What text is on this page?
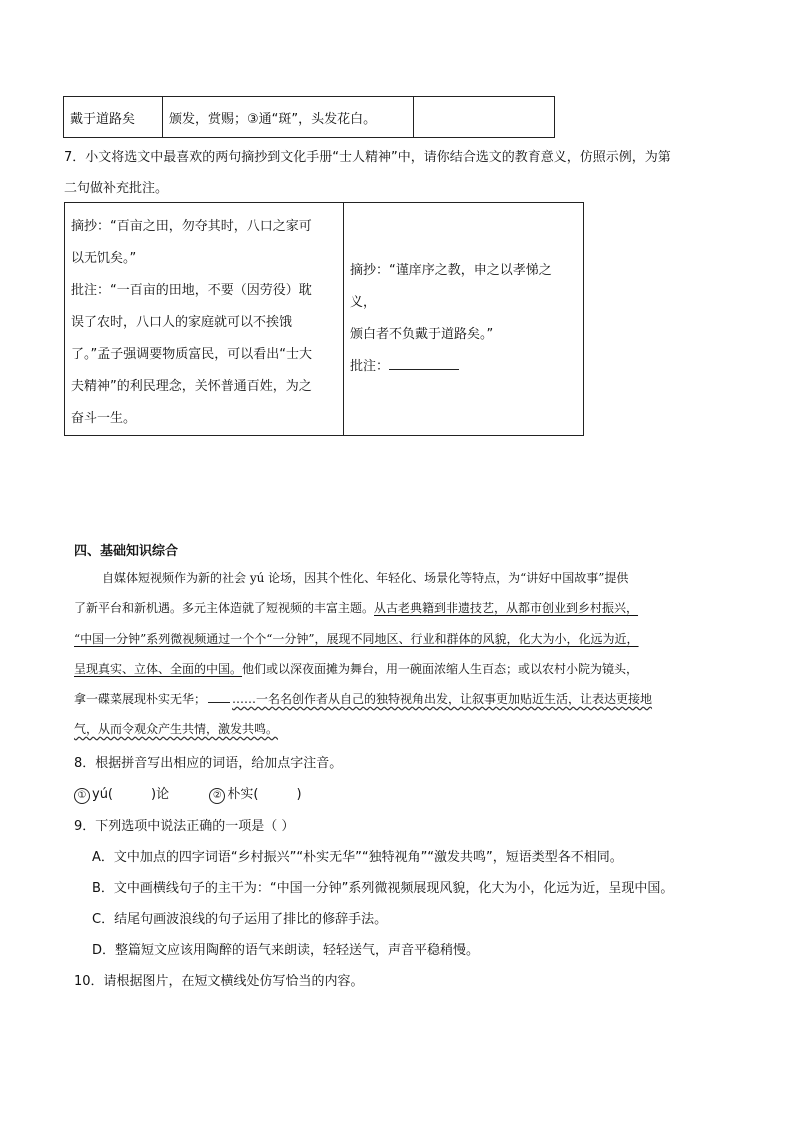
戴于道路矣	颁发，赏赐；③通“斑”，头发花白。	
7．小文将选文中最喜欢的两句摘抄到文化手册“士人精神”中，请你结合选文的教育意义，仿照示例，为第
二句做补充批注。
摘抄：“百亩之田，勿夺其时，八口之家可
以无饥矣。”
批注：“一百亩的田地，不要（因劳役）耽
误了农时，八口人的家庭就可以不挨饿
了。”孟子强调要物质富民，可以看出“士大
夫精神”的利民理念，关怀普通百姓，为之
奋斗一生。

摘抄：“谨庠序之教，申之以孝悌之义，
颁白者不负戴于道路矣。”
批注：
四、基础知识综合
自媒体短视频作为新的社会 yú 论场，因其个性化、年轻化、场景化等特点，为“讲好中国故事”提供
了新平台和新机遇。多元主体造就了短视频的丰富主题。从古老典籍到非遗技艺，从都市创业到乡村振兴，
“中国一分钟”系列微视频通过一个个“一分钟”，展现不同地区、行业和群体的风貌，化大为小，化远为近，
呈现真实、立体、全面的中国。他们或以深夜面摊为舞台，用一碗面浓缩人生百态；或以农村小院为镜头，
拿一碟菜展现朴实无华； ……一名名创作者从自己的独特视角出发，让叙事更加贴近生活，让表达更接地
气，从而令观众产生共情，激发共鸣。
8．根据拼音写出相应的词语，给加点字注音。
① yú(	)论	② 朴实(	)
9．下列选项中说法正确的一项是（ ）
A．文中加点的四字词语“乡村振兴”“朴实无华”“独特视角”“激发共鸣”，短语类型各不相同。
B．文中画横线句子的主干为：“中国一分钟”系列微视频展现风貌，化大为小，化远为近，呈现中国。
C．结尾句画波浪线的句子运用了排比的修辞手法。
D．整篇短文应该用陶醉的语气来朗读，轻轻送气，声音平稳稍慢。
10．请根据图片，在短文横线处仿写恰当的内容。
